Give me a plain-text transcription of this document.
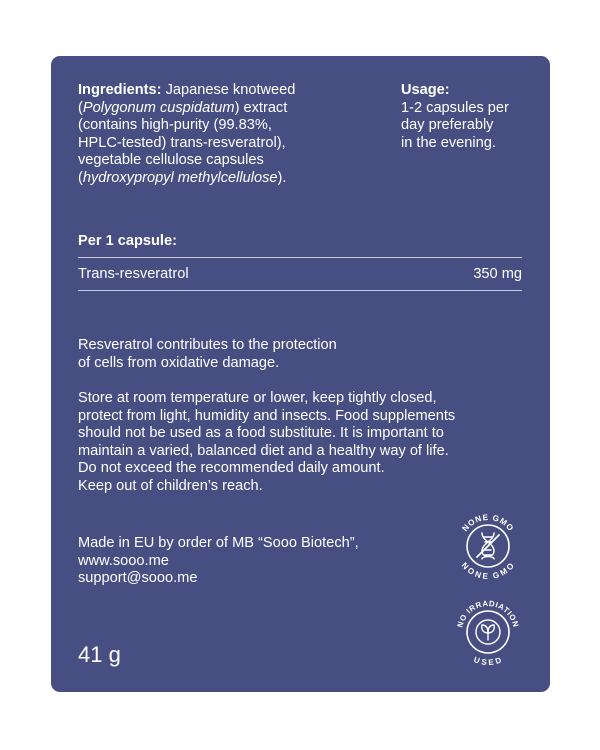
Ingredients: Japanese knotweed
(Polygonum cuspidatum) extract
(contains high-purity (99.83%,
HPLC-tested) trans-resveratrol),
vegetable cellulose capsules
(hydroxypropyl methylcellulose).
Usage:
1-2 capsules per
day preferably
in the evening.
Per 1 capsule:
Trans-resveratrol	350 mg
Resveratrol contributes to the protection
of cells from oxidative damage.
Store at room temperature or lower, keep tightly closed,
protect from light, humidity and insects. Food supplements
should not be used as a food substitute. It is important to
maintain a varied, balanced diet and a healthy way of life.
Do not exceed the recommended daily amount.
Keep out of children’s reach.
Made in EU by order of MB “Sooo Biotech”,
www.sooo.me
support@sooo.me
41 g
NONE GMO
NONE GMO
NO IRRADIATION
USED
